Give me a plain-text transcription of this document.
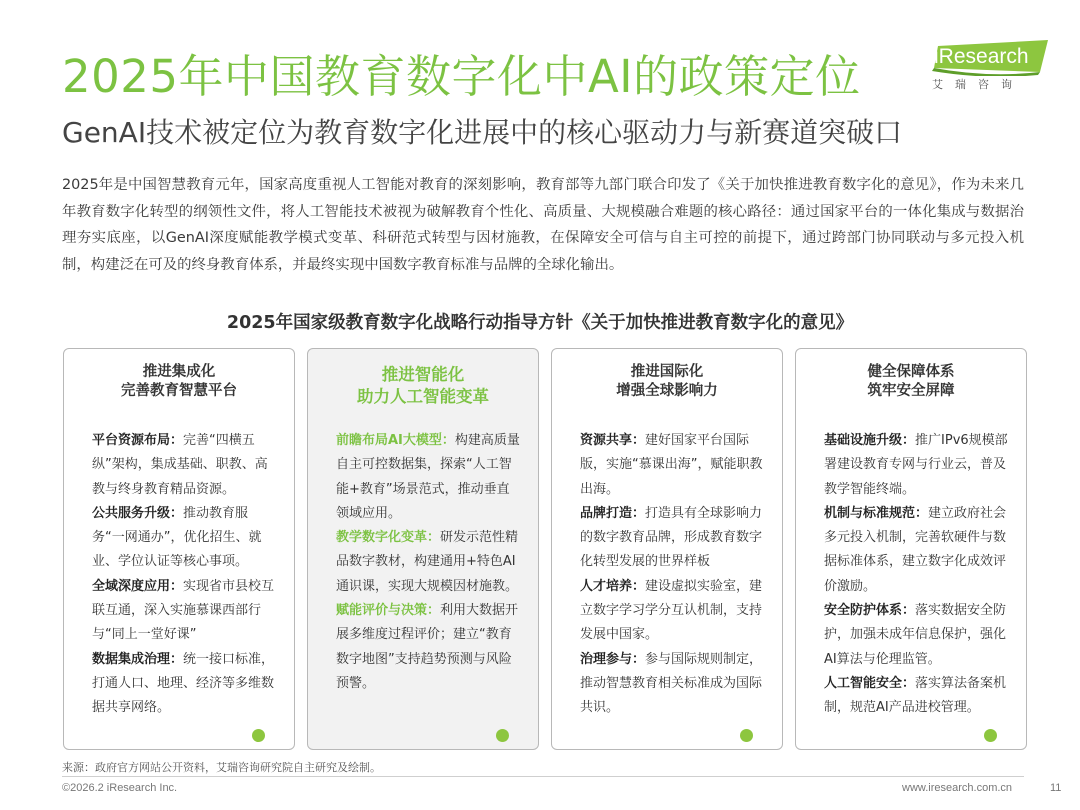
2025年中国教育数字化中AI的政策定位
GenAI技术被定位为教育数字化进展中的核心驱动力与新赛道突破口
iResearch
艾瑞咨询
2025年是中国智慧教育元年，国家高度重视人工智能对教育的深刻影响，教育部等九部门联合印发了《关于加快推进教育数字化的意见》，作为未来几年教育数字化转型的纲领性文件，将人工智能技术被视为破解教育个性化、高质量、大规模融合难题的核心路径：通过国家平台的一体化集成与数据治理夯实底座，以GenAI深度赋能教学模式变革、科研范式转型与因材施教，在保障安全可信与自主可控的前提下，通过跨部门协同联动与多元投入机制，构建泛在可及的终身教育体系，并最终实现中国数字教育标准与品牌的全球化输出。
2025年国家级教育数字化战略行动指导方针《关于加快推进教育数字化的意见》
推进集成化
完善教育智慧平台

平台资源布局：完善“四横五纵”架构，集成基础、职教、高教与终身教育精品资源。

公共服务升级：推动教育服务“一网通办”，优化招生、就业、学位认证等核心事项。

全域深度应用：实现省市县校互联互通，深入实施慕课西部行与“同上一堂好课”

数据集成治理：统一接口标准，打通人口、地理、经济等多维数据共享网络。

推进智能化
助力人工智能变革

前瞻布局AI大模型：构建高质量自主可控数据集，探索“人工智能+教育”场景范式，推动垂直领域应用。

教学数字化变革：研发示范性精品数字教材，构建通用+特色AI通识课，实现大规模因材施教。

赋能评价与决策：利用大数据开展多维度过程评价；建立“教育数字地图”支持趋势预测与风险预警。

推进国际化
增强全球影响力

资源共享：建好国家平台国际版，实施“慕课出海”，赋能职教出海。

品牌打造：打造具有全球影响力的数字教育品牌，形成教育数字化转型发展的世界样板

人才培养：建设虚拟实验室，建立数字学习学分互认机制，支持发展中国家。

治理参与：参与国际规则制定，推动智慧教育相关标准成为国际共识。

健全保障体系
筑牢安全屏障

基础设施升级：推广IPv6规模部署建设教育专网与行业云，普及教学智能终端。

机制与标准规范：建立政府社会多元投入机制，完善软硬件与数据标准体系，建立数字化成效评价激励。

安全防护体系：落实数据安全防护，加强未成年信息保护，强化AI算法与伦理监管。

人工智能安全：落实算法备案机制，规范AI产品进校管理。

来源：政府官方网站公开资料，艾瑞咨询研究院自主研究及绘制。
©2026.2 iResearch Inc.	www.iresearch.com.cn	11
